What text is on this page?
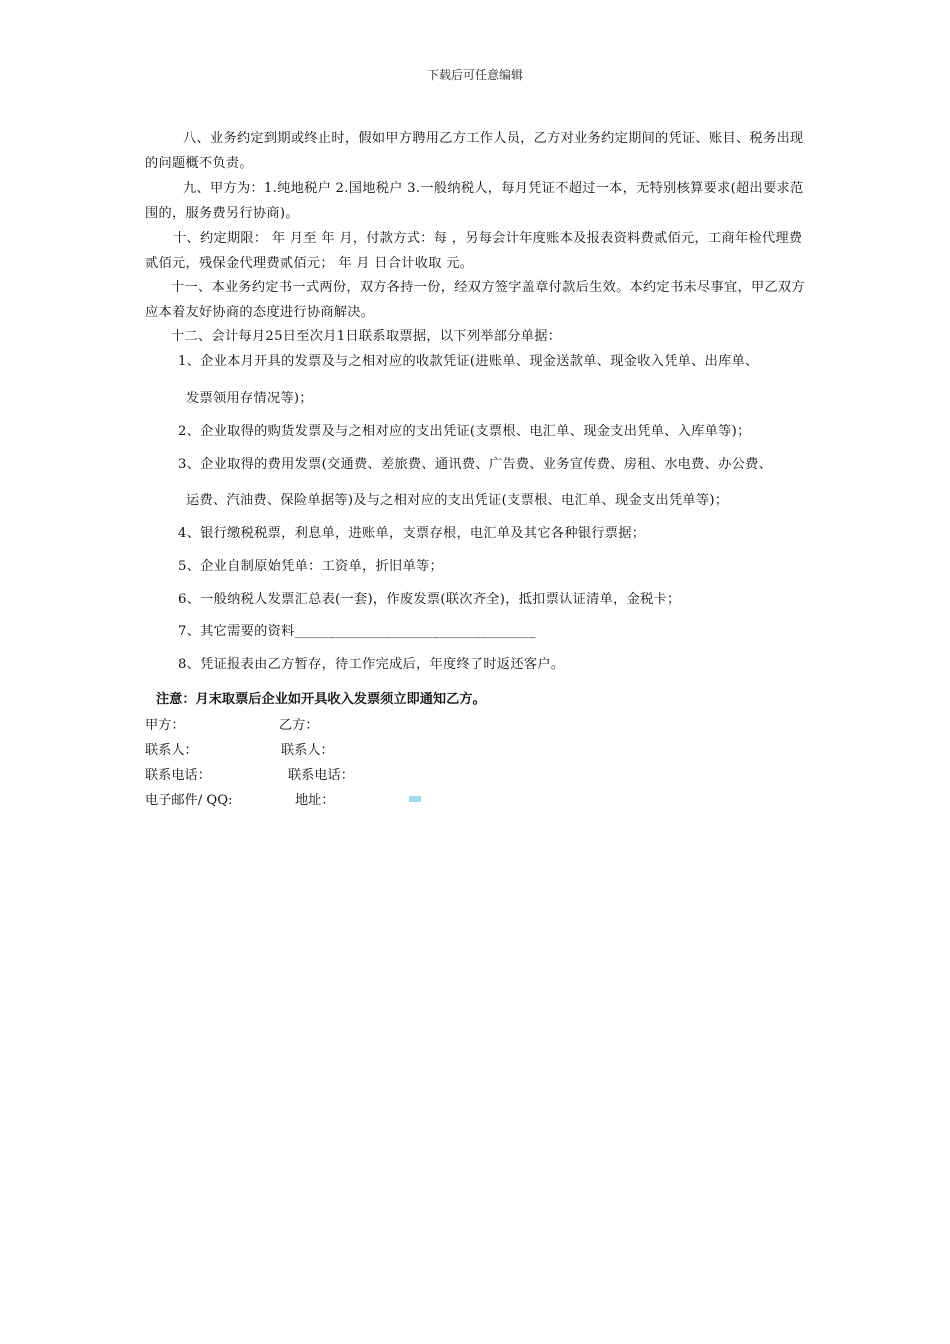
下载后可任意编辑
八、业务约定到期或终止时，假如甲方聘用乙方工作人员，乙方对业务约定期间的凭证、账目、税务出现的问题概不负责。
九、甲方为：1.纯地税户 2.国地税户 3.一般纳税人，每月凭证不超过一本，无特别核算要求(超出要求范围的，服务费另行协商)。
十、约定期限： 年 月至 年 月，付款方式：每 ，另每会计年度账本及报表资料费贰佰元，工商年检代理费贰佰元，残保金代理费贰佰元； 年 月 日合计收取 元。
十一、本业务约定书一式两份，双方各持一份，经双方签字盖章付款后生效。本约定书未尽事宜，甲乙双方应本着友好协商的态度进行协商解决。
十二、会计每月25日至次月1日联系取票据，以下列举部分单据：
1、企业本月开具的发票及与之相对应的收款凭证(进账单、现金送款单、现金收入凭单、出库单、
发票领用存情况等)；
2、企业取得的购货发票及与之相对应的支出凭证(支票根、电汇单、现金支出凭单、入库单等)；
3、企业取得的费用发票(交通费、差旅费、通讯费、广告费、业务宣传费、房租、水电费、办公费、
运费、汽油费、保险单据等)及与之相对应的支出凭证(支票根、电汇单、现金支出凭单等)；
4、银行缴税税票，利息单，进账单，支票存根，电汇单及其它各种银行票据；
5、企业自制原始凭单：工资单，折旧单等；
6、一般纳税人发票汇总表(一套)，作废发票(联次齐全)，抵扣票认证清单，金税卡；
7、其它需要的资料___________________________________
8、凭证报表由乙方暂存，待工作完成后，年度终了时返还客户。
注意：月末取票后企业如开具收入发票须立即通知乙方。
甲方：	乙方：
联系人：	联系人：
联系电话：	联系电话：
电子邮件/ QQ:	地址：
